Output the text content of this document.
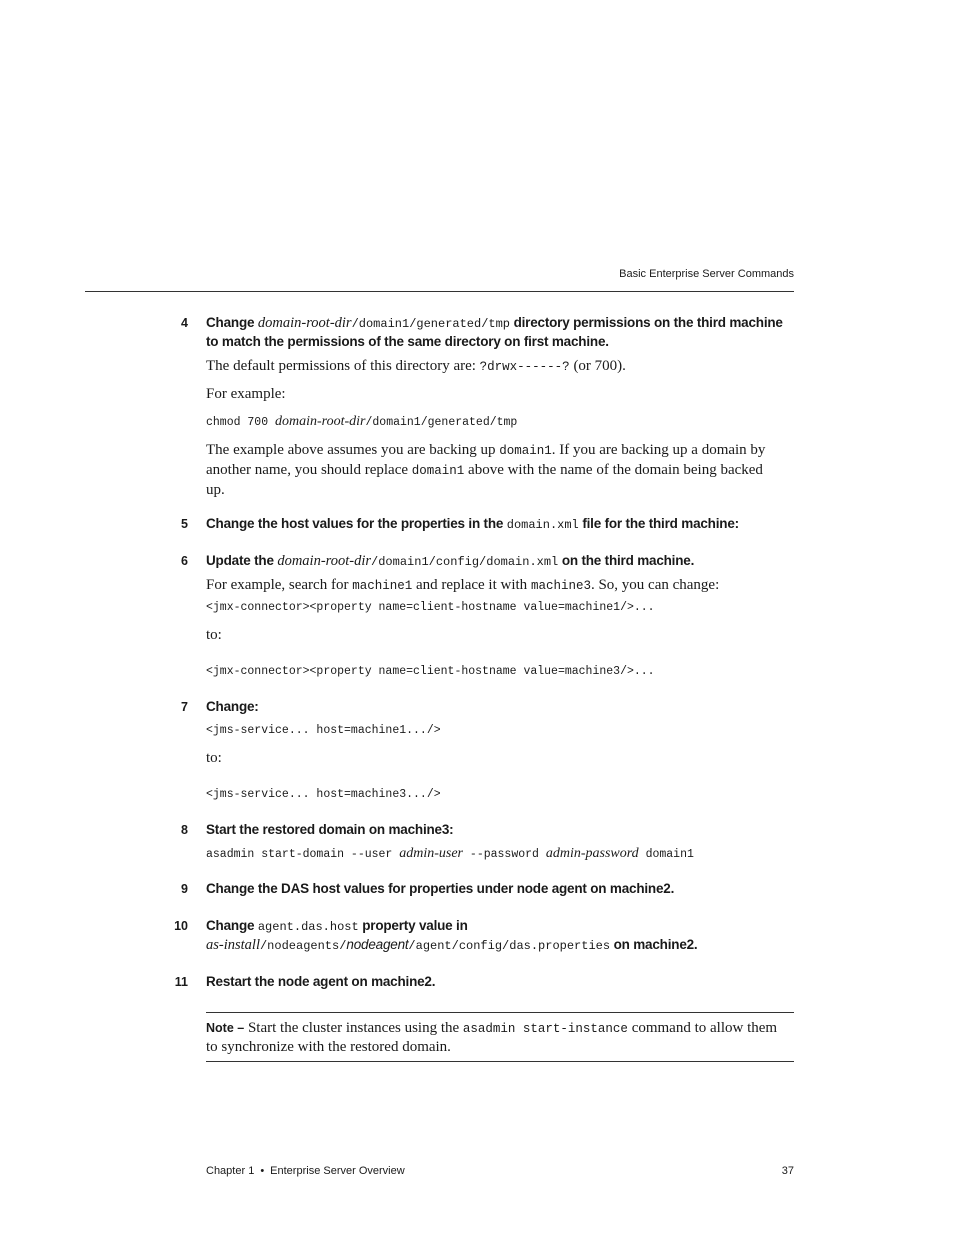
Basic Enterprise Server Commands
4 Change domain-root-dir/domain1/generated/tmp directory permissions on the third machine
to match the permissions of the same directory on first machine.
The default permissions of this directory are: ?drwx------? (or 700).
For example:
chmod 700 domain-root-dir/domain1/generated/tmp
The example above assumes you are backing up domain1. If you are backing up a domain by
another name, you should replace domain1 above with the name of the domain being backed
up.
5 Change the host values for the properties in the domain.xml file for the third machine:
6 Update the domain-root-dir/domain1/config/domain.xml on the third machine.
For example, search for machine1 and replace it with machine3. So, you can change:
<jmx-connector><property name=client-hostname value=machine1/>...
to:
<jmx-connector><property name=client-hostname value=machine3/>...
7 Change:
<jms-service... host=machine1.../>
to:
<jms-service... host=machine3.../>
8 Start the restored domain on machine3:
asadmin start-domain --user admin-user --password admin-password domain1
9 Change the DAS host values for properties under node agent on machine2.
10 Change agent.das.host property value in
as-install/nodeagents/nodeagent/agent/config/das.properties on machine2.
11 Restart the node agent on machine2.
Note – Start the cluster instances using the asadmin start-instance command to allow them
to synchronize with the restored domain.
Chapter 1 • Enterprise Server Overview	37
